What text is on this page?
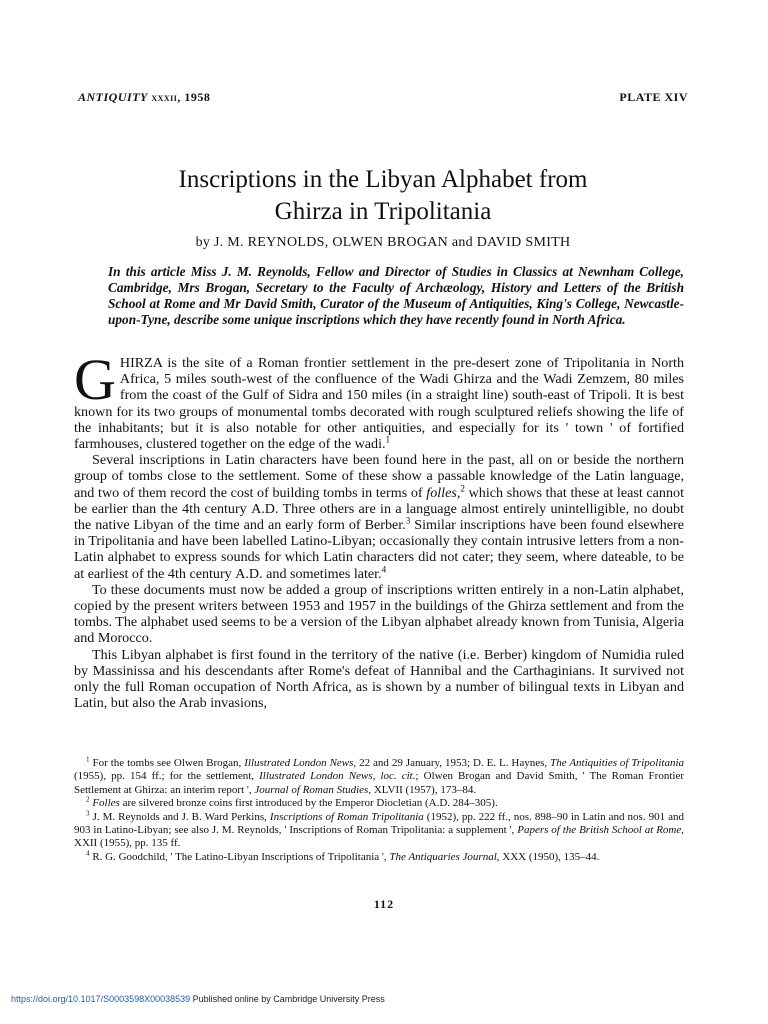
ANTIQUITY xxxii, 1958	PLATE XIV
Inscriptions in the Libyan Alphabet from
Ghirza in Tripolitania
by J. M. REYNOLDS, OLWEN BROGAN and DAVID SMITH

In this article Miss J. M. Reynolds, Fellow and Director of Studies in Classics at Newnham College, Cambridge, Mrs Brogan, Secretary to the Faculty of Archæology, History and Letters of the British School at Rome and Mr David Smith, Curator of the Museum of Antiquities, King's College, Newcastle-upon-Tyne, describe some unique inscriptions which they have recently found in North Africa.

GHIRZA is the site of a Roman frontier settlement in the pre-desert zone of Tripolitania in North Africa, 5 miles south-west of the confluence of the Wadi Ghirza and the Wadi Zemzem, 80 miles from the coast of the Gulf of Sidra and 150 miles (in a straight line) south-east of Tripoli. It is best known for its two groups of monumental tombs decorated with rough sculptured reliefs showing the life of the inhabitants; but it is also notable for other antiquities, and especially for its ' town ' of fortified farmhouses, clustered together on the edge of the wadi.$^1$

Several inscriptions in Latin characters have been found here in the past, all on or beside the northern group of tombs close to the settlement. Some of these show a passable knowledge of the Latin language, and two of them record the cost of building tombs in terms of folles,$^2$ which shows that these at least cannot be earlier than the 4th century A.D. Three others are in a language almost entirely unintelligible, no doubt the native Libyan of the time and an early form of Berber.$^3$ Similar inscriptions have been found elsewhere in Tripolitania and have been labelled Latino-Libyan; occasionally they contain intrusive letters from a non-Latin alphabet to express sounds for which Latin characters did not cater; they seem, where dateable, to be at earliest of the 4th century A.D. and sometimes later.$^4$

To these documents must now be added a group of inscriptions written entirely in a non-Latin alphabet, copied by the present writers between 1953 and 1957 in the buildings of the Ghirza settlement and from the tombs. The alphabet used seems to be a version of the Libyan alphabet already known from Tunisia, Algeria and Morocco.

This Libyan alphabet is first found in the territory of the native (i.e. Berber) kingdom of Numidia ruled by Massinissa and his descendants after Rome's defeat of Hannibal and the Carthaginians. It survived not only the full Roman occupation of North Africa, as is shown by a number of bilingual texts in Libyan and Latin, but also the Arab invasions,

$^1$ For the tombs see Olwen Brogan, Illustrated London News, 22 and 29 January, 1953; D. E. L. Haynes, The Antiquities of Tripolitania (1955), pp. 154 ff.; for the settlement, Illustrated London News, loc. cit.; Olwen Brogan and David Smith, ' The Roman Frontier Settlement at Ghirza: an interim report ', Journal of Roman Studies, XLVII (1957), 173–84.

$^2$ Folles are silvered bronze coins first introduced by the Emperor Diocletian (A.D. 284–305).

$^3$ J. M. Reynolds and J. B. Ward Perkins, Inscriptions of Roman Tripolitania (1952), pp. 222 ff., nos. 898–90 in Latin and nos. 901 and 903 in Latino-Libyan; see also J. M. Reynolds, ' Inscriptions of Roman Tripolitania: a supplement ', Papers of the British School at Rome, XXII (1955), pp. 135 ff.

$^4$ R. G. Goodchild, ' The Latino-Libyan Inscriptions of Tripolitania ', The Antiquaries Journal, XXX (1950), 135–44.

112
https://doi.org/10.1017/S0003598X00038539 Published online by Cambridge University Press
